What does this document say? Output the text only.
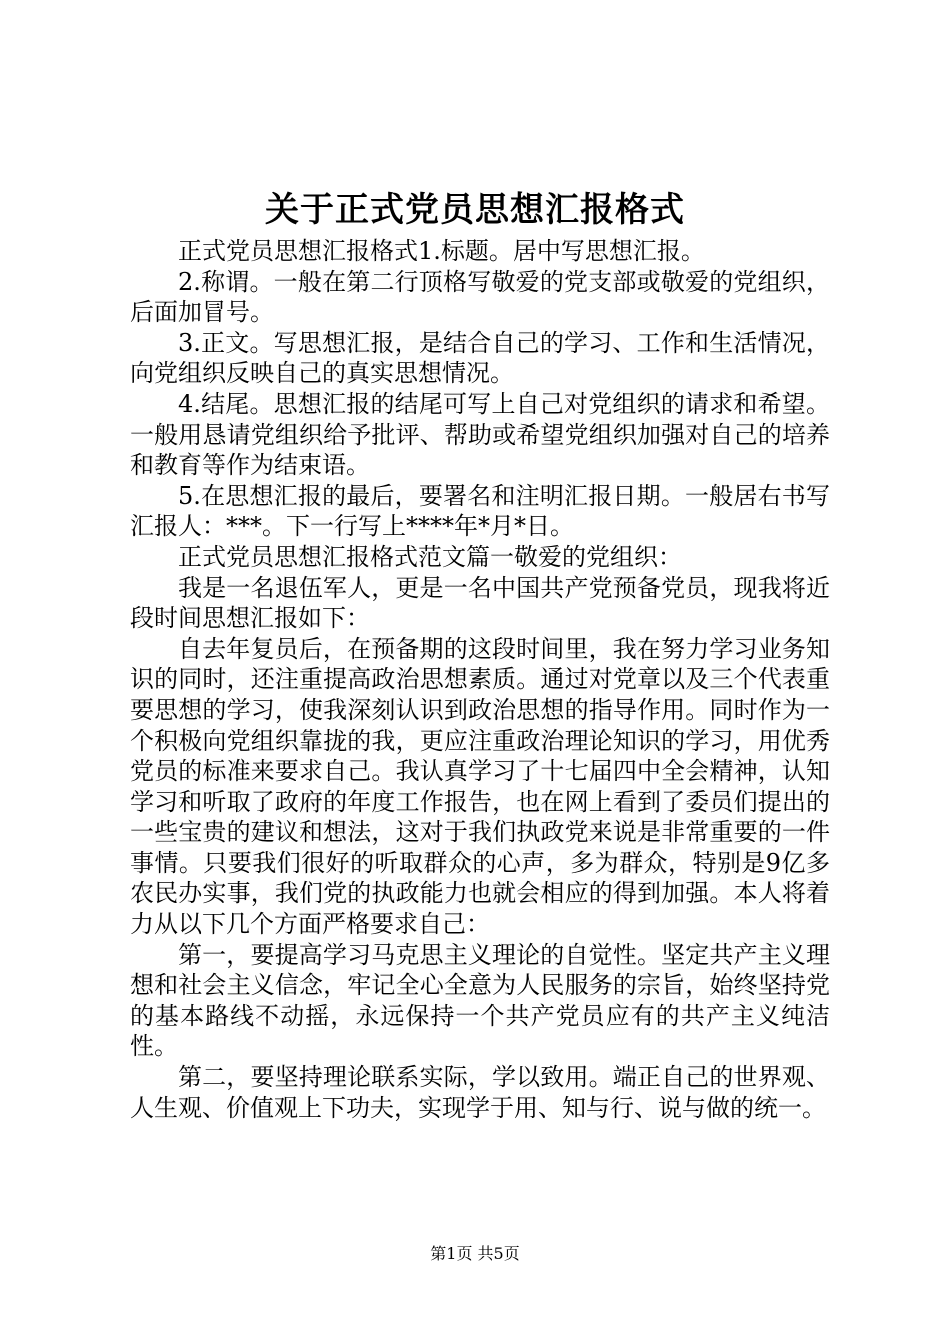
关于正式党员思想汇报格式

正式党员思想汇报格式1.标题。居中写思想汇报。

2.称谓。一般在第二行顶格写敬爱的党支部或敬爱的党组织，后面加冒号。

3.正文。写思想汇报，是结合自己的学习、工作和生活情况，向党组织反映自己的真实思想情况。

4.结尾。思想汇报的结尾可写上自己对党组织的请求和希望。一般用恳请党组织给予批评、帮助或希望党组织加强对自己的培养和教育等作为结束语。

5.在思想汇报的最后，要署名和注明汇报日期。一般居右书写汇报人：***。下一行写上****年*月*日。

正式党员思想汇报格式范文篇一敬爱的党组织：

我是一名退伍军人，更是一名中国共产党预备党员，现我将近段时间思想汇报如下：

自去年复员后，在预备期的这段时间里，我在努力学习业务知识的同时，还注重提高政治思想素质。通过对党章以及三个代表重要思想的学习，使我深刻认识到政治思想的指导作用。同时作为一个积极向党组织靠拢的我，更应注重政治理论知识的学习，用优秀党员的标准来要求自己。我认真学习了十七届四中全会精神，认知学习和听取了政府的年度工作报告，也在网上看到了委员们提出的一些宝贵的建议和想法，这对于我们执政党来说是非常重要的一件事情。只要我们很好的听取群众的心声，多为群众，特别是9亿多农民办实事，我们党的执政能力也就会相应的得到加强。本人将着力从以下几个方面严格要求自己：

第一，要提高学习马克思主义理论的自觉性。坚定共产主义理想和社会主义信念，牢记全心全意为人民服务的宗旨，始终坚持党的基本路线不动摇，永远保持一个共产党员应有的共产主义纯洁性。

第二，要坚持理论联系实际，学以致用。端正自己的世界观、人生观、价值观上下功夫，实现学于用、知与行、说与做的统一。

第1页 共5页
